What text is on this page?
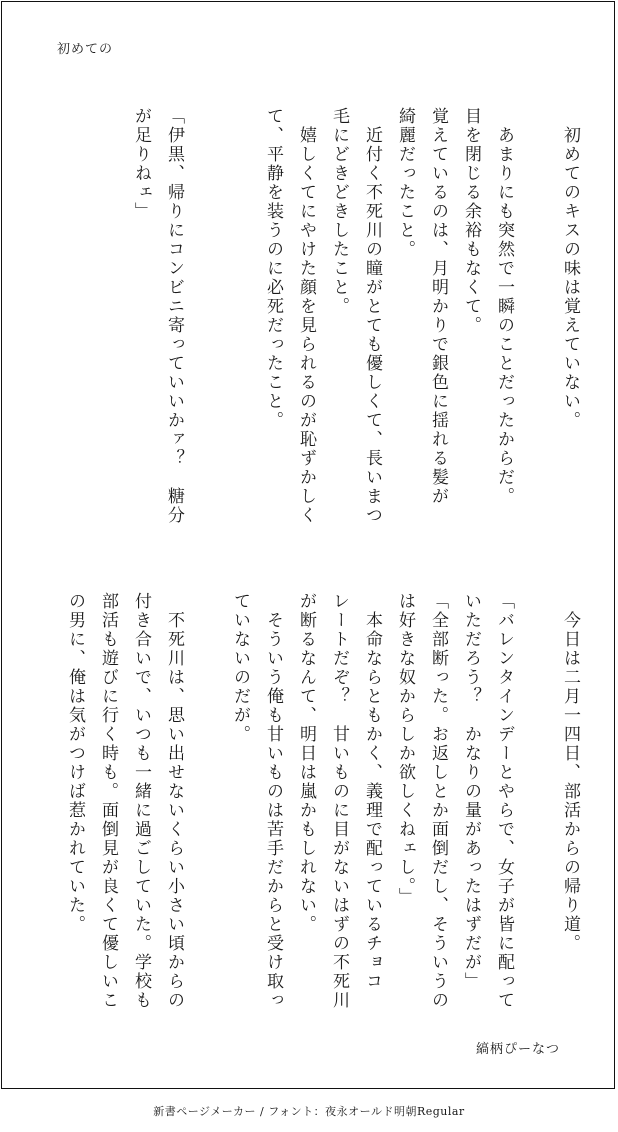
初めての
　初めてのキスの味は覚えていない。
　あまりにも突然で一瞬のことだったからだ。
目を閉じる余裕もなくて。
覚えているのは、月明かりで銀色に揺れる髪が
綺麗だったこと。
　近付く不死川の瞳がとても優しくて、長いまつ
毛にどきどきしたこと。
　嬉しくてにやけた顔を見られるのが恥ずかしく
て、平静を装うのに必死だったこと。
「伊黒、帰りにコンビニ寄っていいかァ？　糖分
が足りねェ」
　今日は二月一四日、部活からの帰り道。
「バレンタインデーとやらで、女子が皆に配って
いただろう？　かなりの量があったはずだが」
「全部断った。お返しとか面倒だし、そういうの
は好きな奴からしか欲しくねェし。」
　本命ならともかく、義理で配っているチョコ
レートだぞ？　甘いものに目がないはずの不死川
が断るなんて、明日は嵐かもしれない。
　そういう俺も甘いものは苦手だからと受け取っ
ていないのだが。
　不死川は、思い出せないくらい小さい頃からの
付き合いで、いつも一緒に過ごしていた。学校も
部活も遊びに行く時も。面倒見が良くて優しいこ
の男に、俺は気がつけば惹かれていた。
縞柄ぴーなつ
新書ページメーカー / フォント：夜永オールド明朝Regular
